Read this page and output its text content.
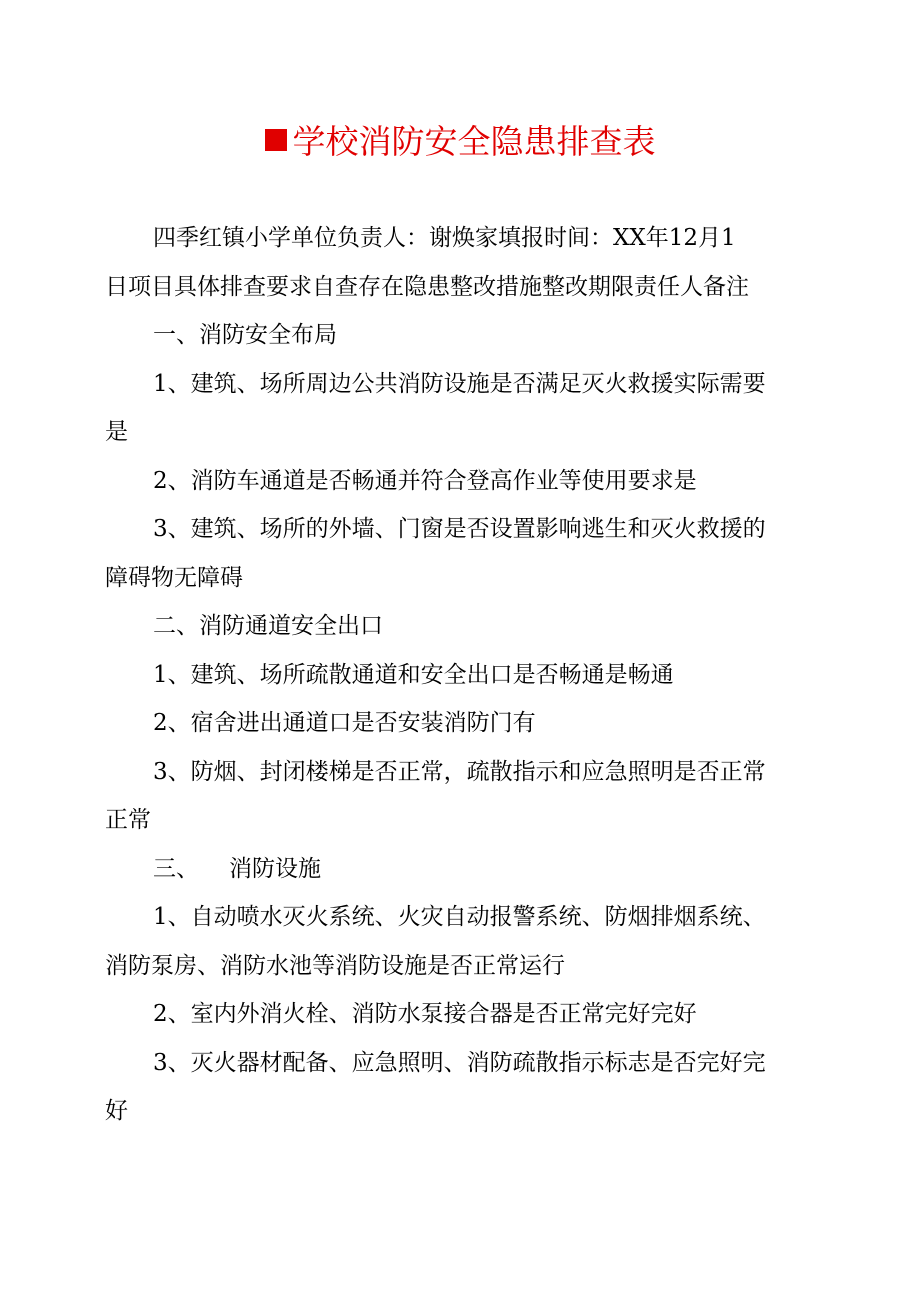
学校消防安全隐患排查表
四季红镇小学单位负责人：谢焕家填报时间：XX年12月1
日项目具体排查要求自查存在隐患整改措施整改期限责任人备注
一、消防安全布局
1、建筑、场所周边公共消防设施是否满足灭火救援实际需要
是
2、消防车通道是否畅通并符合登高作业等使用要求是
3、建筑、场所的外墙、门窗是否设置影响逃生和灭火救援的
障碍物无障碍
二、消防通道安全出口
1、建筑、场所疏散通道和安全出口是否畅通是畅通
2、宿舍进出通道口是否安装消防门有
3、防烟、封闭楼梯是否正常，疏散指示和应急照明是否正常
正常
三、 消防设施
1、自动喷水灭火系统、火灾自动报警系统、防烟排烟系统、
消防泵房、消防水池等消防设施是否正常运行
2、室内外消火栓、消防水泵接合器是否正常完好完好
3、灭火器材配备、应急照明、消防疏散指示标志是否完好完
好
